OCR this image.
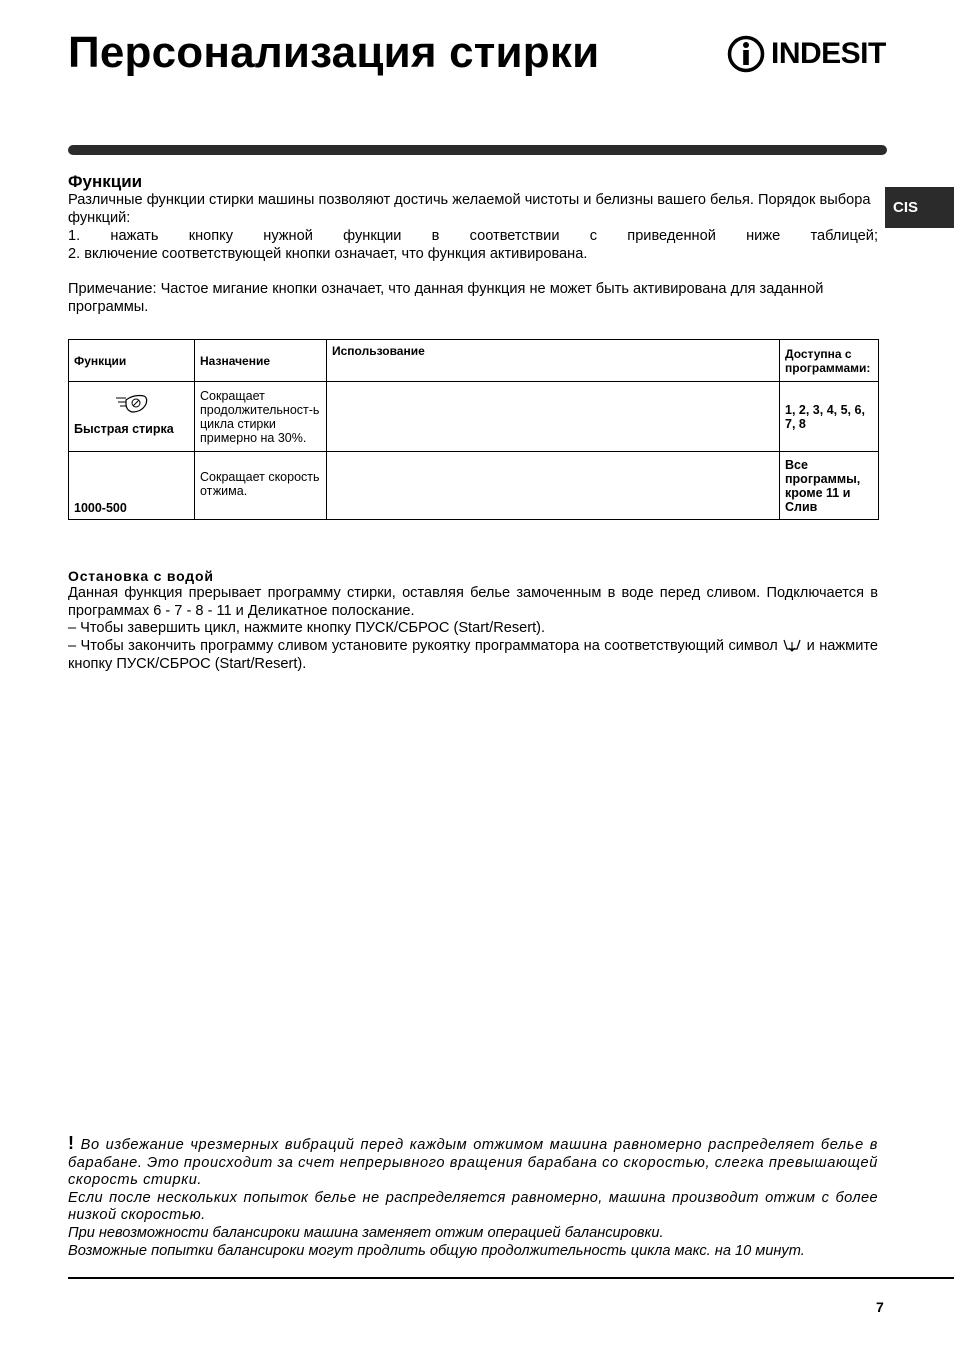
Персонализация стирки	INDESIT
CIS
Функции

Различные функции стирки машины позволяют достичь желаемой чистоты и белизны вашего белья. Порядок выбора функций:

1. нажать кнопку нужной функции в соответствии с приведенной ниже таблицей;

2. включение соответствующей кнопки означает, что функция активирована.

Примечание: Частое мигание кнопки означает, что данная функция не может быть активирована для заданной программы.

Функции	Назначение	Использование	Доступна с программами:

Быстрая стирка	Сокращает продолжительност-ь цикла стирки примерно на 30%.		1, 2, 3, 4, 5, 6, 7, 8

1000-500	Сокращает скорость отжима.		Все программы, кроме 11 и Слив
Остановка с водой

Данная функция прерывает программу стирки, оставляя белье замоченным в воде перед сливом. Подключается в программах 6 - 7 - 8 - 11 и Деликатное полоскание.

– Чтобы завершить цикл, нажмите кнопку ПУСК/СБРОС (Start/Resert).

– Чтобы закончить программу сливом установите рукоятку программатора на соответствующий символ и нажмите кнопку ПУСК/СБРОС (Start/Resert).

! Во избежание чрезмерных вибраций перед каждым отжимом машина равномерно распределяет белье в барабане. Это происходит за счет непрерывного вращения барабана со скоростью, слегка превышающей скорость стирки.
Если после нескольких попыток белье не распределяется равномерно, машина производит отжим с более низкой скоростью.
При невозможности балансироки машина заменяет отжим операцией балансировки.
Возможные попытки балансироки могут продлить общую продолжительность цикла макс. на 10 минут.
7
